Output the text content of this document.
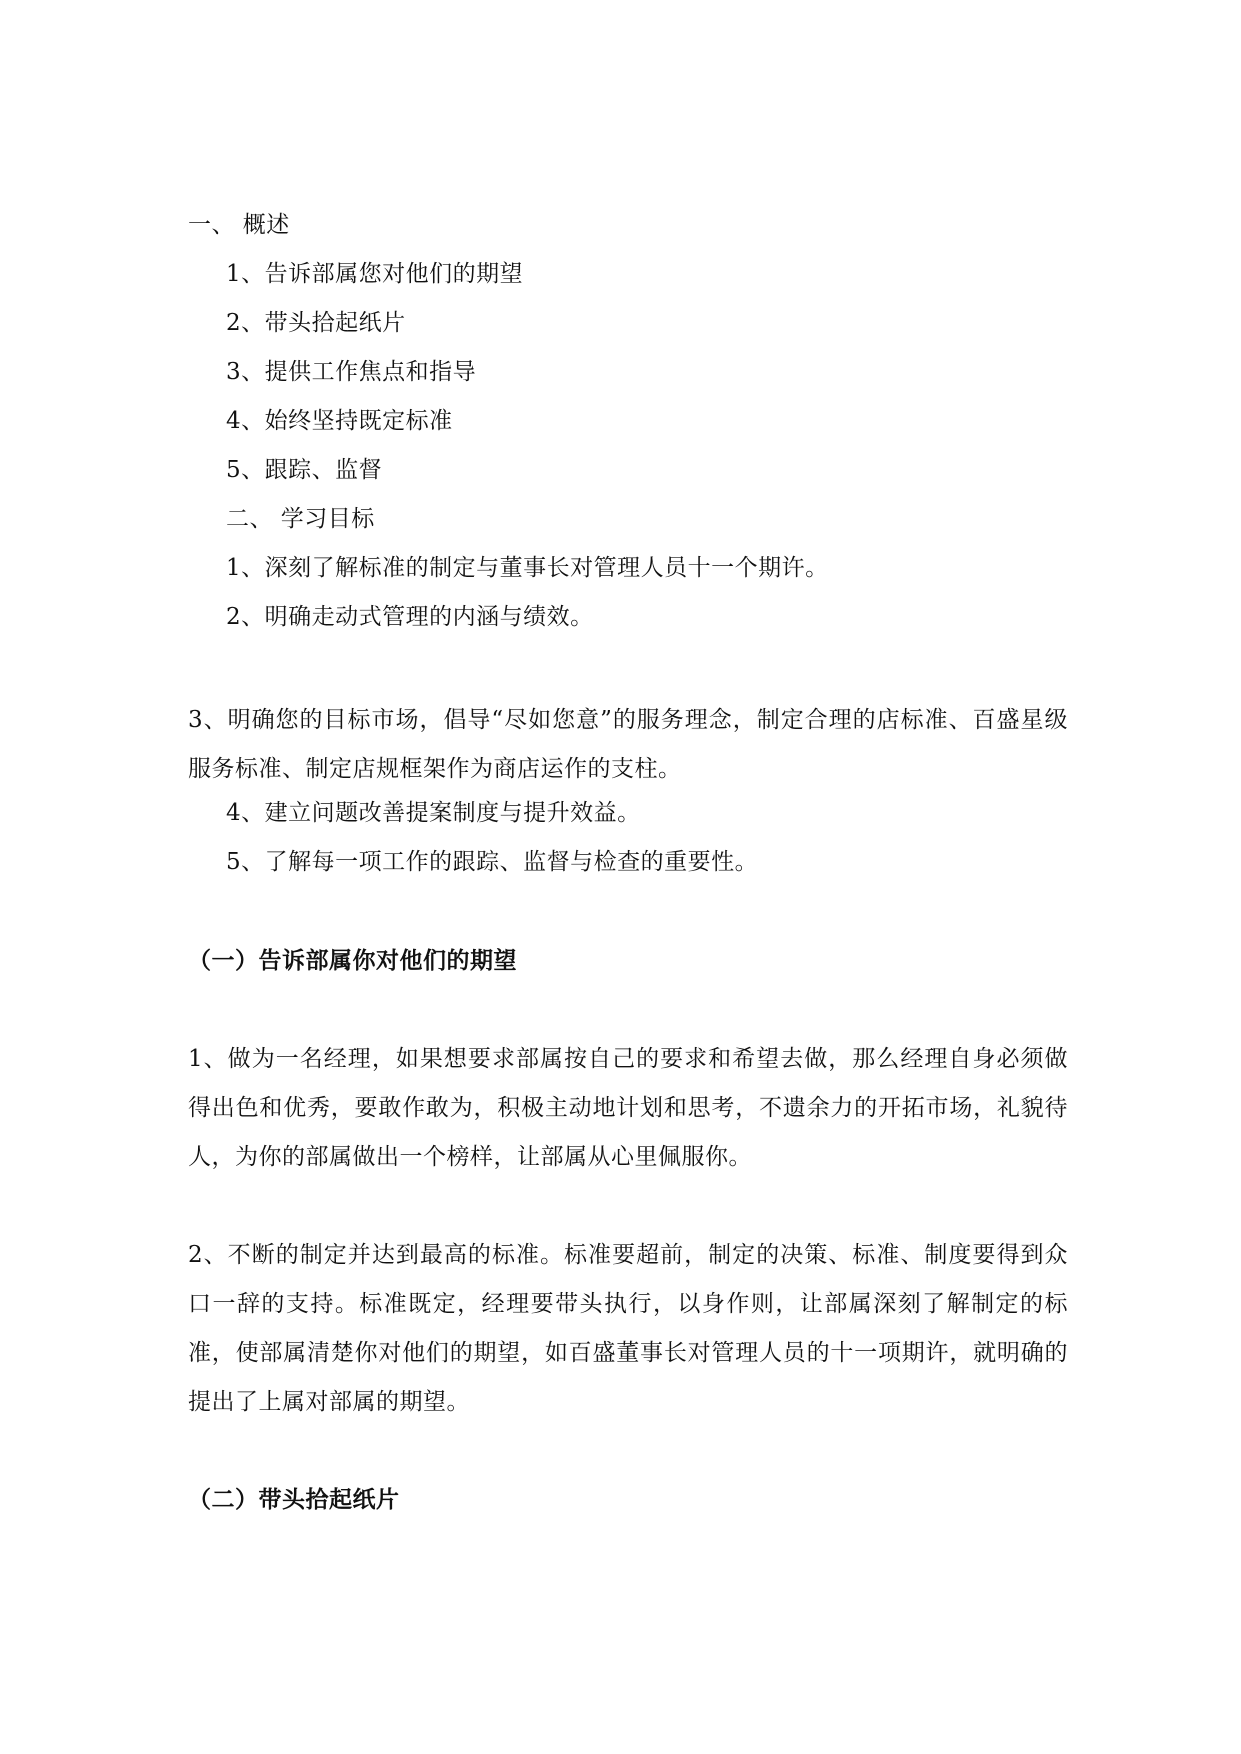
一、 概述
1、告诉部属您对他们的期望
2、带头拾起纸片
3、提供工作焦点和指导
4、始终坚持既定标准
5、跟踪、监督
二、 学习目标
1、深刻了解标准的制定与董事长对管理人员十一个期许。
2、明确走动式管理的内涵与绩效。
3、明确您的目标市场，倡导“尽如您意”的服务理念，制定合理的店标准、百盛星级服务标准、制定店规框架作为商店运作的支柱。
4、建立问题改善提案制度与提升效益。
5、了解每一项工作的跟踪、监督与检查的重要性。
（一）告诉部属你对他们的期望
1、做为一名经理，如果想要求部属按自己的要求和希望去做，那么经理自身必须做得出色和优秀，要敢作敢为，积极主动地计划和思考，不遗余力的开拓市场，礼貌待人，为你的部属做出一个榜样，让部属从心里佩服你。
2、不断的制定并达到最高的标准。标准要超前，制定的决策、标准、制度要得到众口一辞的支持。标准既定，经理要带头执行，以身作则，让部属深刻了解制定的标准，使部属清楚你对他们的期望，如百盛董事长对管理人员的十一项期许，就明确的提出了上属对部属的期望。
（二）带头拾起纸片
